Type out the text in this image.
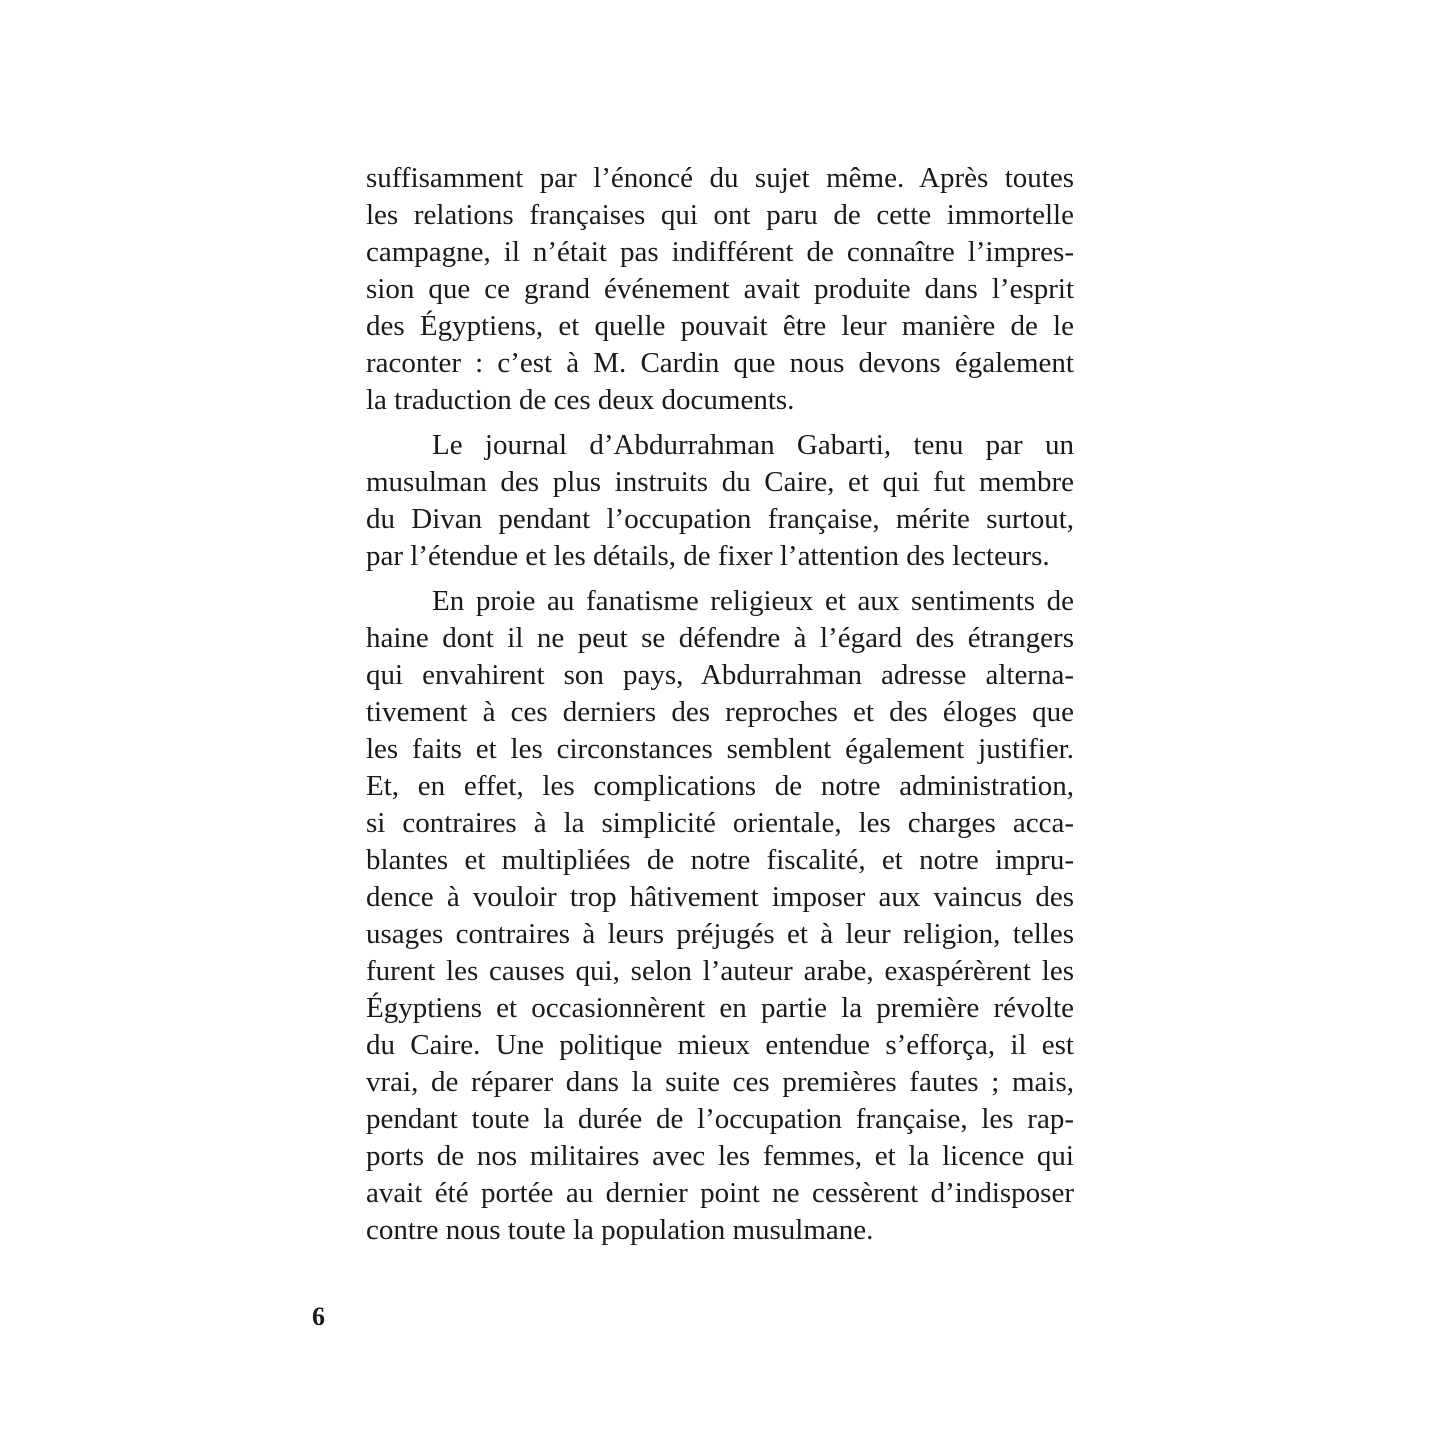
suffisamment par l’énoncé du sujet même. Après toutes
les relations françaises qui ont paru de cette immortelle
campagne, il n’était pas indifférent de connaître l’impres-
sion que ce grand événement avait produite dans l’esprit
des Égyptiens, et quelle pouvait être leur manière de le
raconter : c’est à M. Cardin que nous devons également
la traduction de ces deux documents.
Le journal d’Abdurrahman Gabarti, tenu par un
musulman des plus instruits du Caire, et qui fut membre
du Divan pendant l’occupation française, mérite surtout,
par l’étendue et les détails, de fixer l’attention des lecteurs.
En proie au fanatisme religieux et aux sentiments de
haine dont il ne peut se défendre à l’égard des étrangers
qui envahirent son pays, Abdurrahman adresse alterna-
tivement à ces derniers des reproches et des éloges que
les faits et les circonstances semblent également justifier.
Et, en effet, les complications de notre administration,
si contraires à la simplicité orientale, les charges acca-
blantes et multipliées de notre fiscalité, et notre impru-
dence à vouloir trop hâtivement imposer aux vaincus des
usages contraires à leurs préjugés et à leur religion, telles
furent les causes qui, selon l’auteur arabe, exaspérèrent les
Égyptiens et occasionnèrent en partie la première révolte
du Caire. Une politique mieux entendue s’efforça, il est
vrai, de réparer dans la suite ces premières fautes ; mais,
pendant toute la durée de l’occupation française, les rap-
ports de nos militaires avec les femmes, et la licence qui
avait été portée au dernier point ne cessèrent d’indisposer
contre nous toute la population musulmane.
6
